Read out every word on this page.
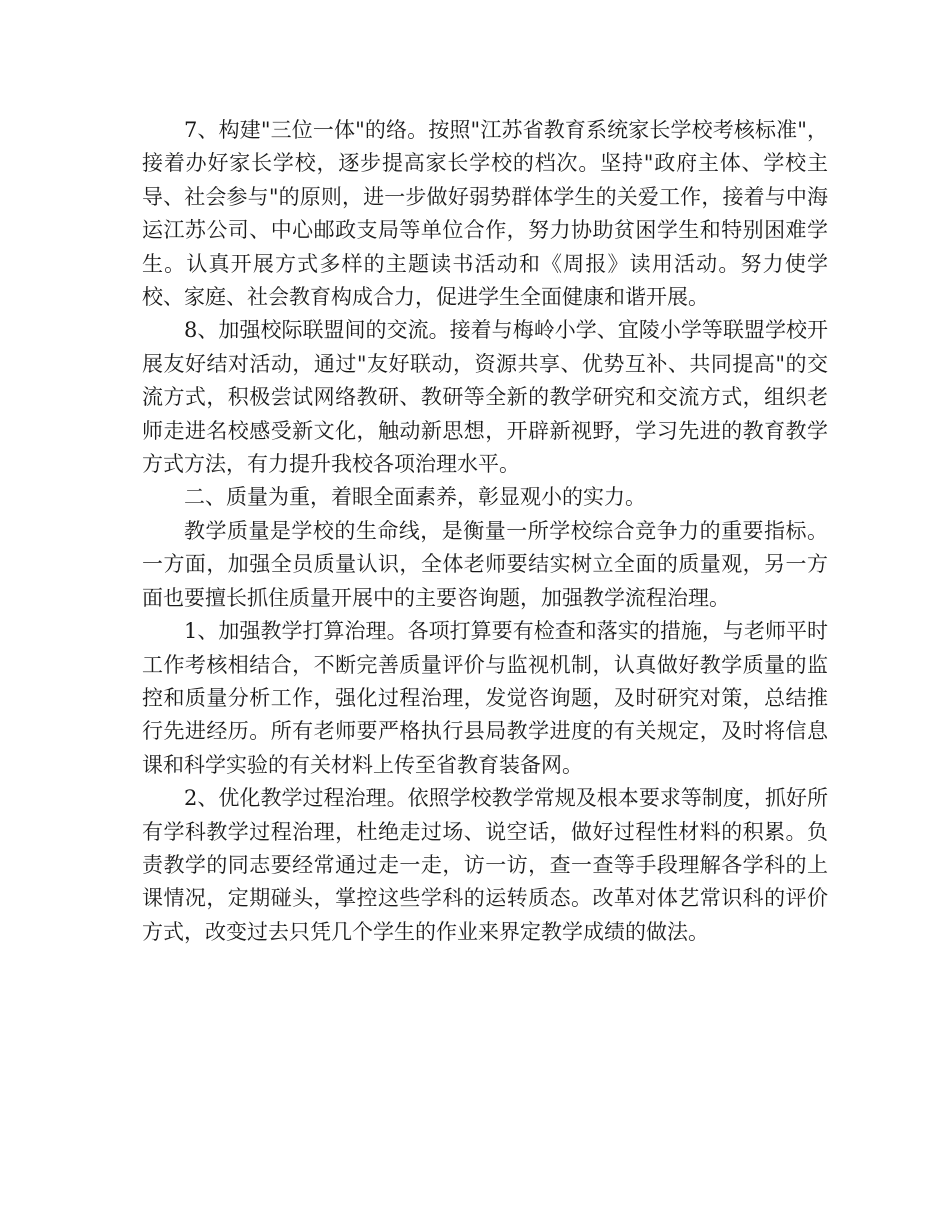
7、构建"三位一体"的络。按照"江苏省教育系统家长学校考核标准"，接着办好家长学校，逐步提高家长学校的档次。坚持"政府主体、学校主导、社会参与"的原则，进一步做好弱势群体学生的关爱工作，接着与中海运江苏公司、中心邮政支局等单位合作，努力协助贫困学生和特别困难学生。认真开展方式多样的主题读书活动和《周报》读用活动。努力使学校、家庭、社会教育构成合力，促进学生全面健康和谐开展。

8、加强校际联盟间的交流。接着与梅岭小学、宜陵小学等联盟学校开展友好结对活动，通过"友好联动，资源共享、优势互补、共同提高"的交流方式，积极尝试网络教研、教研等全新的教学研究和交流方式，组织老师走进名校感受新文化，触动新思想，开辟新视野，学习先进的教育教学方式方法，有力提升我校各项治理水平。

二、质量为重，着眼全面素养，彰显观小的实力。

教学质量是学校的生命线，是衡量一所学校综合竞争力的重要指标。一方面，加强全员质量认识，全体老师要结实树立全面的质量观，另一方面也要擅长抓住质量开展中的主要咨询题，加强教学流程治理。

1、加强教学打算治理。各项打算要有检查和落实的措施，与老师平时工作考核相结合，不断完善质量评价与监视机制，认真做好教学质量的监控和质量分析工作，强化过程治理，发觉咨询题，及时研究对策，总结推行先进经历。所有老师要严格执行县局教学进度的有关规定，及时将信息课和科学实验的有关材料上传至省教育装备网。

2、优化教学过程治理。依照学校教学常规及根本要求等制度，抓好所有学科教学过程治理，杜绝走过场、说空话，做好过程性材料的积累。负责教学的同志要经常通过走一走，访一访，查一查等手段理解各学科的上课情况，定期碰头，掌控这些学科的运转质态。改革对体艺常识科的评价方式，改变过去只凭几个学生的作业来界定教学成绩的做法。
